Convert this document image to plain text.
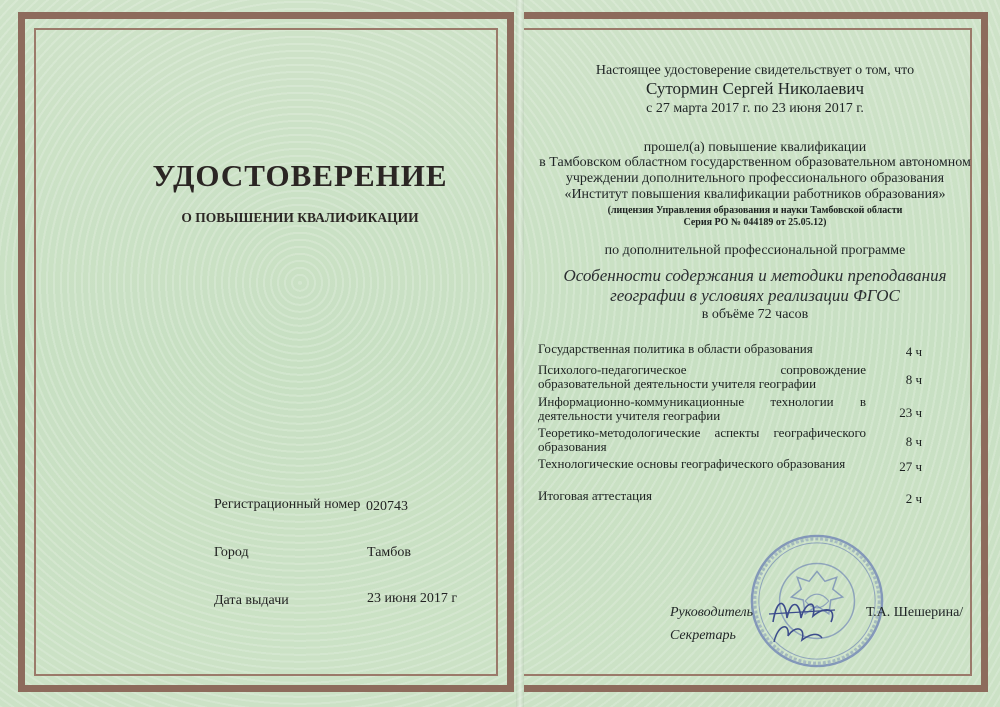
УДОСТОВЕРЕНИЕ
О ПОВЫШЕНИИ КВАЛИФИКАЦИИ
Регистрационный номер 020743
Город	Тамбов
Дата выдачи	23 июня 2017 г
Настоящее удостоверение свидетельствует о том, что
Сутормин Сергей Николаевич
с 27 марта 2017 г. по 23 июня 2017 г.
прошел(а) повышение квалификации
в Тамбовском областном государственном образовательном автономном
учреждении дополнительного профессионального образования
«Институт повышения квалификации работников образования»
(лицензия Управления образования и науки Тамбовской области
Серия РО № 044189 от 25.05.12)
по дополнительной профессиональной программе
Особенности содержания и методики преподавания
географии в условиях реализации ФГОС
в объёме 72 часов
Государственная политика в области образования	4 ч
Психолого-педагогическое сопровождение образовательной деятельности учителя географии	8 ч
Информационно-коммуникационные технологии в деятельности учителя географии	23 ч
Теоретико-методологические аспекты географического образования	8 ч
Технологические основы географического образования	27 ч
Итоговая аттестация	2 ч
Руководитель	Т.А. Шешерина/
Секретарь
